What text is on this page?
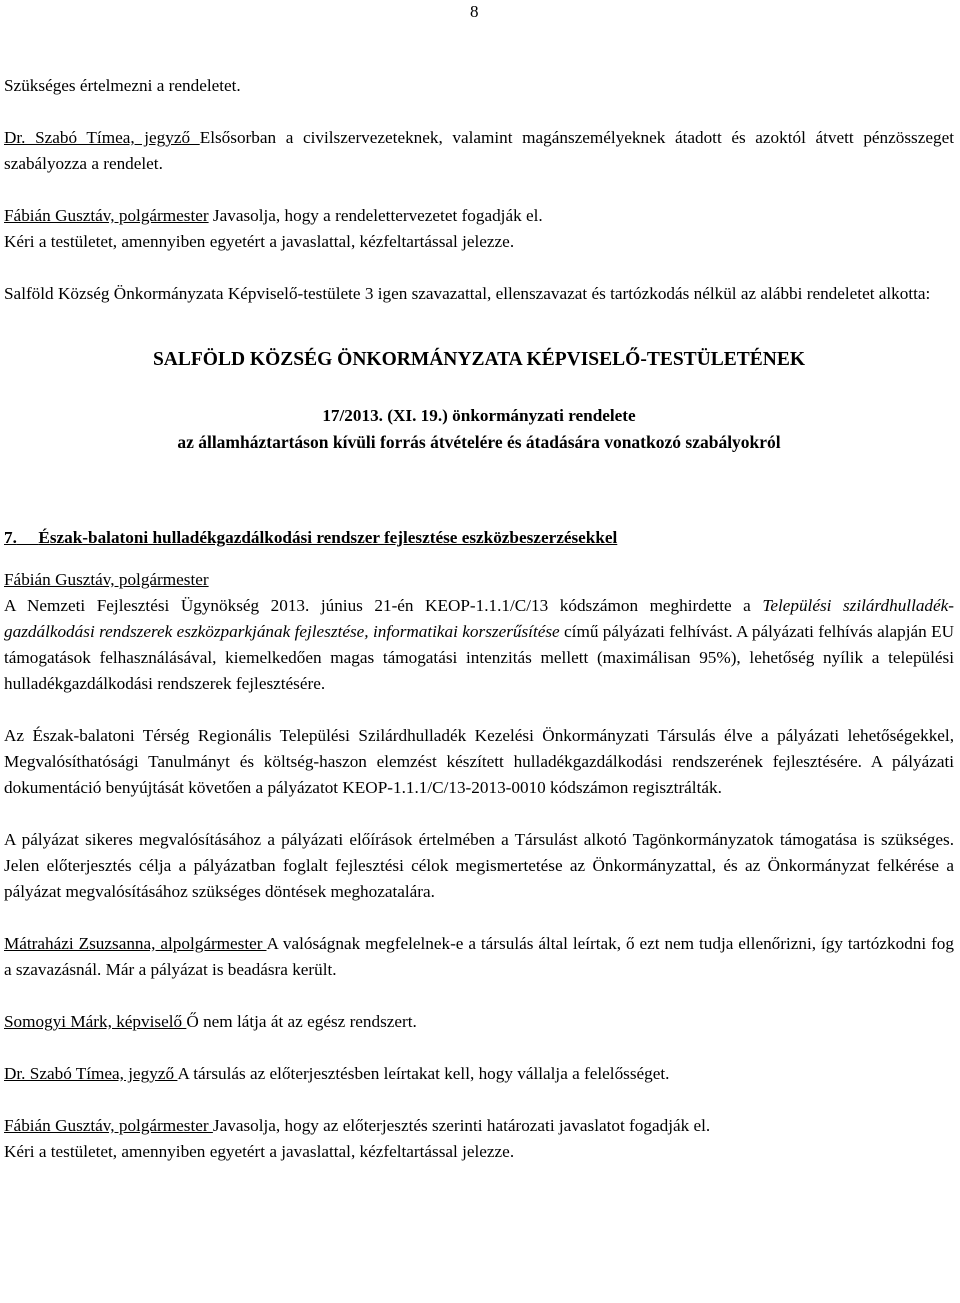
8

Szükséges értelmezni a rendeletet.

Dr. Szabó Tímea, jegyző Elsősorban a civilszervezeteknek, valamint magánszemélyeknek átadott és azoktól átvett pénzösszeget szabályozza a rendelet.

Fábián Gusztáv, polgármester Javasolja, hogy a rendelettervezetet fogadják el.
Kéri a testületet, amennyiben egyetért a javaslattal, kézfeltartással jelezze.

Salföld Község Önkormányzata Képviselő-testülete 3 igen szavazattal, ellenszavazat és tartózkodás nélkül az alábbi rendeletet alkotta:

SALFÖLD KÖZSÉG ÖNKORMÁNYZATA KÉPVISELŐ-TESTÜLETÉNEK
17/2013. (XI. 19.) önkormányzati rendelete
az államháztartáson kívüli forrás átvételére és átadására vonatkozó szabályokról
7. Észak-balatoni hulladékgazdálkodási rendszer fejlesztése eszközbeszerzésekkel

Fábián Gusztáv, polgármester
A Nemzeti Fejlesztési Ügynökség 2013. június 21-én KEOP-1.1.1/C/13 kódszámon meghirdette a Települési szilárdhulladék-gazdálkodási rendszerek eszközparkjának fejlesztése, informatikai korszerűsítése című pályázati felhívást. A pályázati felhívás alapján EU támogatások felhasználásával, kiemelkedően magas támogatási intenzitás mellett (maximálisan 95%), lehetőség nyílik a települési hulladékgazdálkodási rendszerek fejlesztésére.

Az Észak-balatoni Térség Regionális Települési Szilárdhulladék Kezelési Önkormányzati Társulás élve a pályázati lehetőségekkel, Megvalósíthatósági Tanulmányt és költség-haszon elemzést készített hulladékgazdálkodási rendszerének fejlesztésére. A pályázati dokumentáció benyújtását követően a pályázatot KEOP-1.1.1/C/13-2013-0010 kódszámon regisztrálták.

A pályázat sikeres megvalósításához a pályázati előírások értelmében a Társulást alkotó Tagönkormányzatok támogatása is szükséges. Jelen előterjesztés célja a pályázatban foglalt fejlesztési célok megismertetése az Önkormányzattal, és az Önkormányzat felkérése a pályázat megvalósításához szükséges döntések meghozatalára.

Mátraházi Zsuzsanna, alpolgármester A valóságnak megfelelnek-e a társulás által leírtak, ő ezt nem tudja ellenőrizni, így tartózkodni fog a szavazásnál. Már a pályázat is beadásra került.

Somogyi Márk, képviselő Ő nem látja át az egész rendszert.

Dr. Szabó Tímea, jegyző A társulás az előterjesztésben leírtakat kell, hogy vállalja a felelősséget.

Fábián Gusztáv, polgármester Javasolja, hogy az előterjesztés szerinti határozati javaslatot fogadják el.
Kéri a testületet, amennyiben egyetért a javaslattal, kézfeltartással jelezze.
